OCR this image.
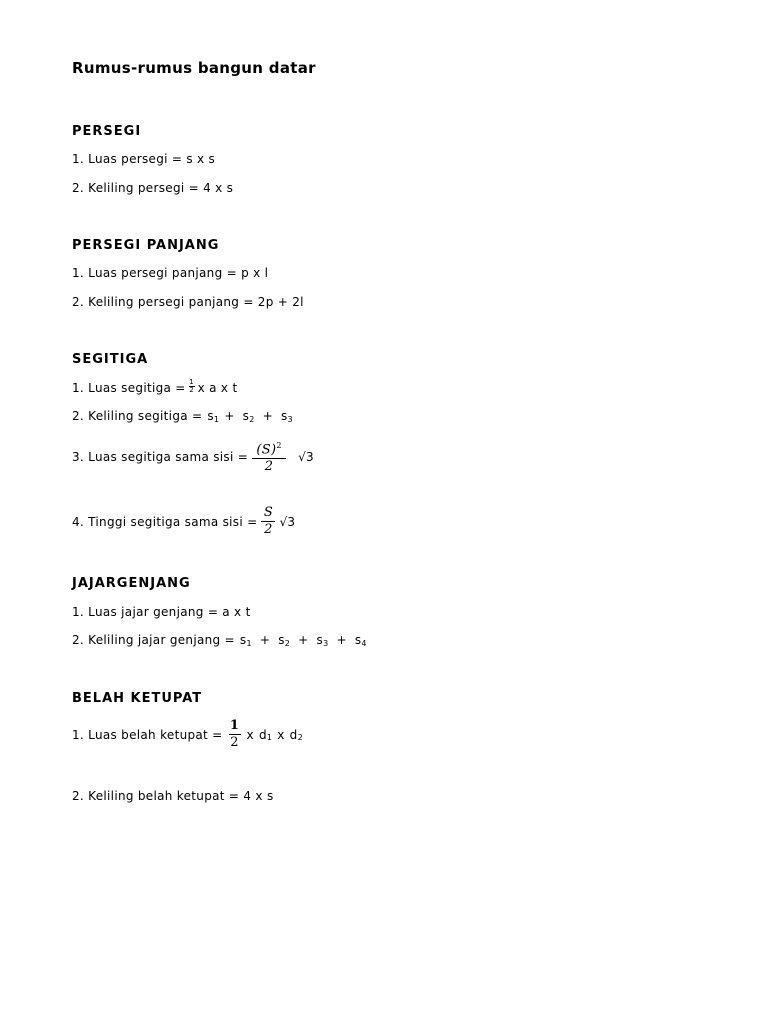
Rumus-rumus bangun datar
PERSEGI
1. Luas persegi = s x s
2. Keliling persegi = 4 x s
PERSEGI PANJANG
1. Luas persegi panjang = p x l
2. Keliling persegi panjang = 2p + 2l
SEGITIGA
1. Luas segitiga = $\frac{1}{2}$ x a x t
2. Keliling segitiga = s 1 + s 2 + s 3
3. Luas segitiga sama sisi = $\frac{(S)^2}{2} √3$
4. Tinggi segitiga sama sisi = $\frac{S}{2} √3$
JAJARGENJANG
1. Luas jajar genjang = a x t
2. Keliling jajar genjang = s 1 + s 2 + s 3 + s 4
BELAH KETUPAT
1. Luas belah ketupat = $\frac{1}{2}$ x d 1 x d 2
2. Keliling belah ketupat = 4 x s
